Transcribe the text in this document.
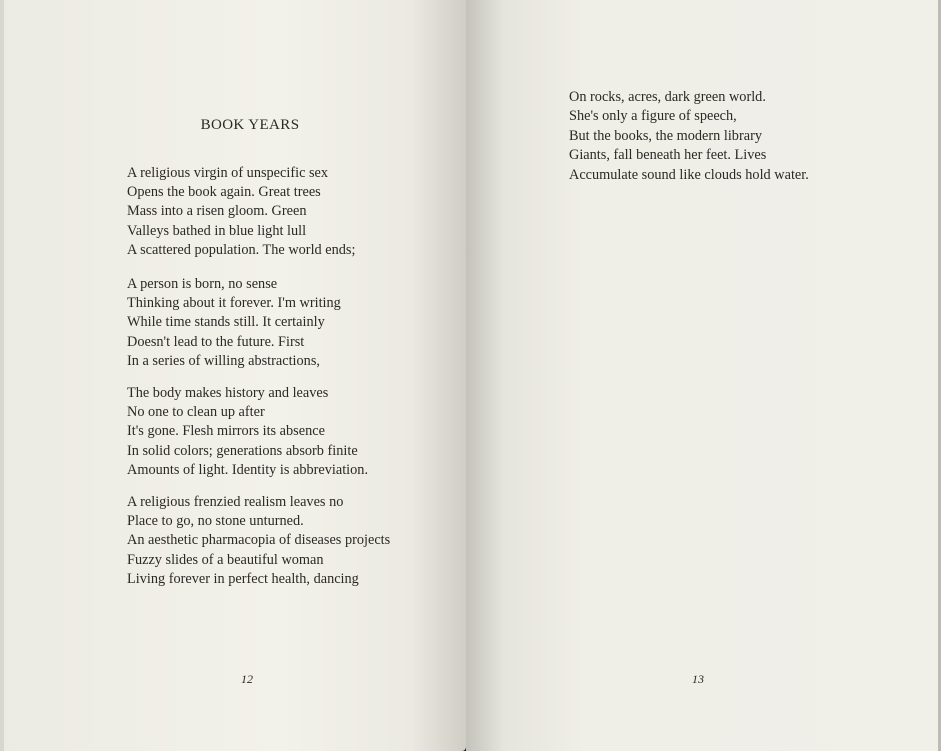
BOOK YEARS
A religious virgin of unspecific sex
Opens the book again. Great trees
Mass into a risen gloom. Green
Valleys bathed in blue light lull
A scattered population. The world ends;
A person is born, no sense
Thinking about it forever. I'm writing
While time stands still. It certainly
Doesn't lead to the future. First
In a series of willing abstractions,
The body makes history and leaves
No one to clean up after
It's gone. Flesh mirrors its absence
In solid colors; generations absorb finite
Amounts of light. Identity is abbreviation.
A religious frenzied realism leaves no
Place to go, no stone unturned.
An aesthetic pharmacopia of diseases projects
Fuzzy slides of a beautiful woman
Living forever in perfect health, dancing
12
On rocks, acres, dark green world.
She's only a figure of speech,
But the books, the modern library
Giants, fall beneath her feet. Lives
Accumulate sound like clouds hold water.
13
